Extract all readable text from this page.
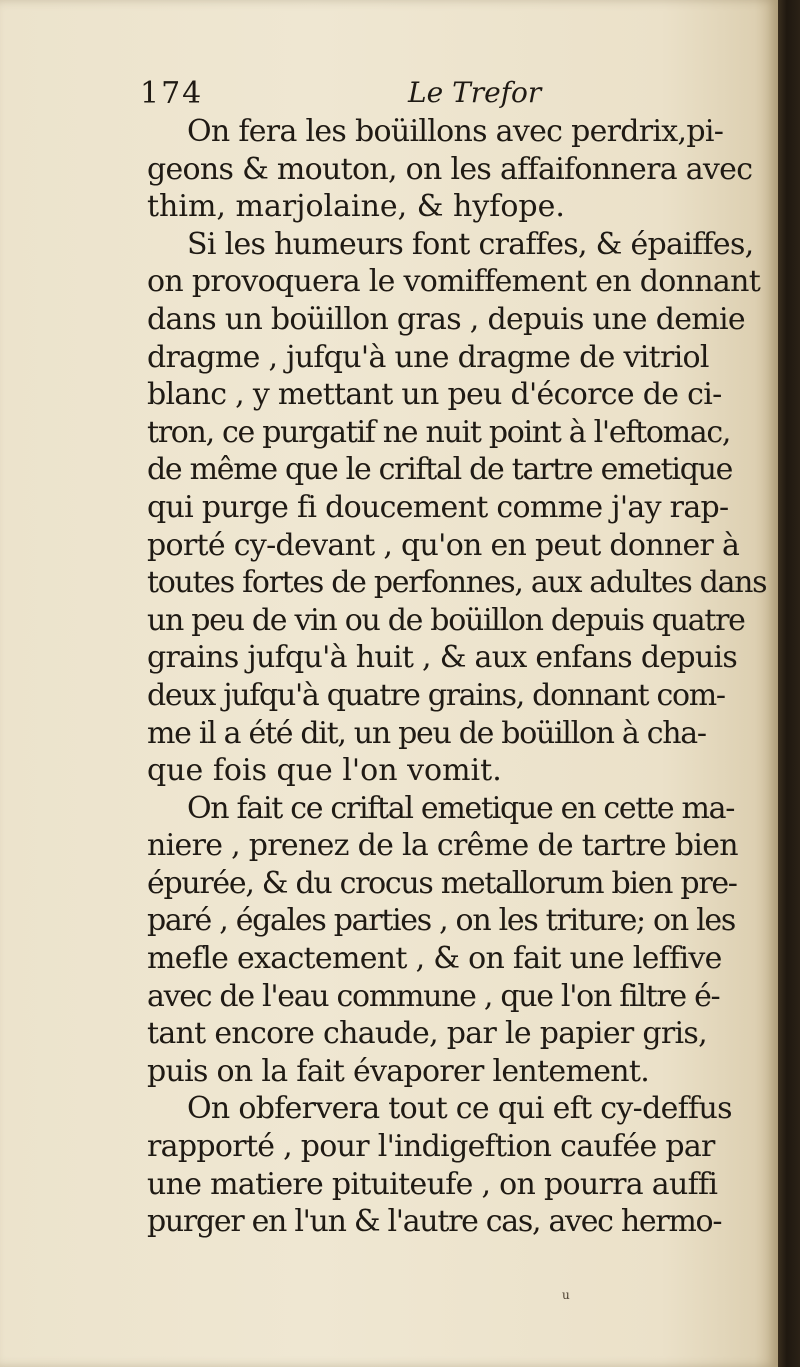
174	Le Trefor
On fera les boüillons avec perdrix,pi-
geons & mouton, on les affaifonnera avec
thim, marjolaine, & hyfope.
Si les humeurs font craffes, & épaiffes,
on provoquera le vomiffement en donnant
dans un boüillon gras , depuis une demie
dragme , jufqu'à une dragme de vitriol
blanc , y mettant un peu d'écorce de ci-
tron, ce purgatif ne nuit point à l'eftomac,
de même que le criftal de tartre emetique
qui purge fi doucement comme j'ay rap-
porté cy-devant , qu'on en peut donner à
toutes fortes de perfonnes, aux adultes dans
un peu de vin ou de boüillon depuis quatre
grains jufqu'à huit , & aux enfans depuis
deux jufqu'à quatre grains, donnant com-
me il a été dit, un peu de boüillon à cha-
que fois que l'on vomit.
On fait ce criftal emetique en cette ma-
niere , prenez de la crême de tartre bien
épurée, & du crocus metallorum bien pre-
paré , égales parties , on les triture; on les
mefle exactement , & on fait une leffive
avec de l'eau commune , que l'on filtre é-
tant encore chaude, par le papier gris,
puis on la fait évaporer lentement.
On obfervera tout ce qui eft cy-deffus
rapporté , pour l'indigeftion caufée par
une matiere pituiteufe , on pourra auffi
purger en l'un & l'autre cas, avec hermo-
u
